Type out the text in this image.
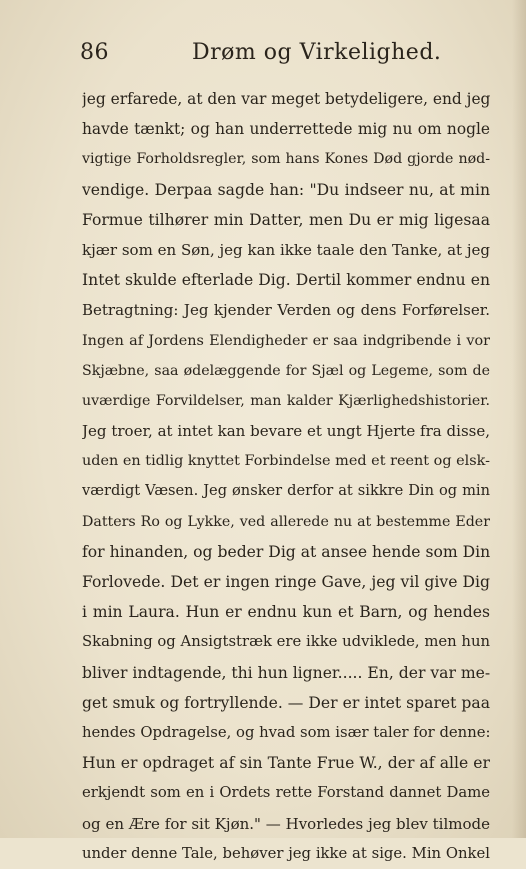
86	Drøm og Virkelighed.
jeg erfarede, at den var meget betydeligere, end jeg
havde tænkt; og han underrettede mig nu om nogle
vigtige Forholdsregler, som hans Kones Død gjorde nød-
vendige. Derpaa sagde han: "Du indseer nu, at min
Formue tilhører min Datter, men Du er mig ligesaa
kjær som en Søn, jeg kan ikke taale den Tanke, at jeg
Intet skulde efterlade Dig. Dertil kommer endnu en
Betragtning: Jeg kjender Verden og dens Forførelser.
Ingen af Jordens Elendigheder er saa indgribende i vor
Skjæbne, saa ødelæggende for Sjæl og Legeme, som de
uværdige Forvildelser, man kalder Kjærlighedshistorier.
Jeg troer, at intet kan bevare et ungt Hjerte fra disse,
uden en tidlig knyttet Forbindelse med et reent og elsk-
værdigt Væsen. Jeg ønsker derfor at sikkre Din og min
Datters Ro og Lykke, ved allerede nu at bestemme Eder
for hinanden, og beder Dig at ansee hende som Din
Forlovede. Det er ingen ringe Gave, jeg vil give Dig
i min Laura. Hun er endnu kun et Barn, og hendes
Skabning og Ansigtstræk ere ikke udviklede, men hun
bliver indtagende, thi hun ligner..... En, der var me-
get smuk og fortryllende. — Der er intet sparet paa
hendes Opdragelse, og hvad som især taler for denne:
Hun er opdraget af sin Tante Frue W., der af alle er
erkjendt som en i Ordets rette Forstand dannet Dame
og en Ære for sit Kjøn." — Hvorledes jeg blev tilmode
under denne Tale, behøver jeg ikke at sige. Min Onkel
